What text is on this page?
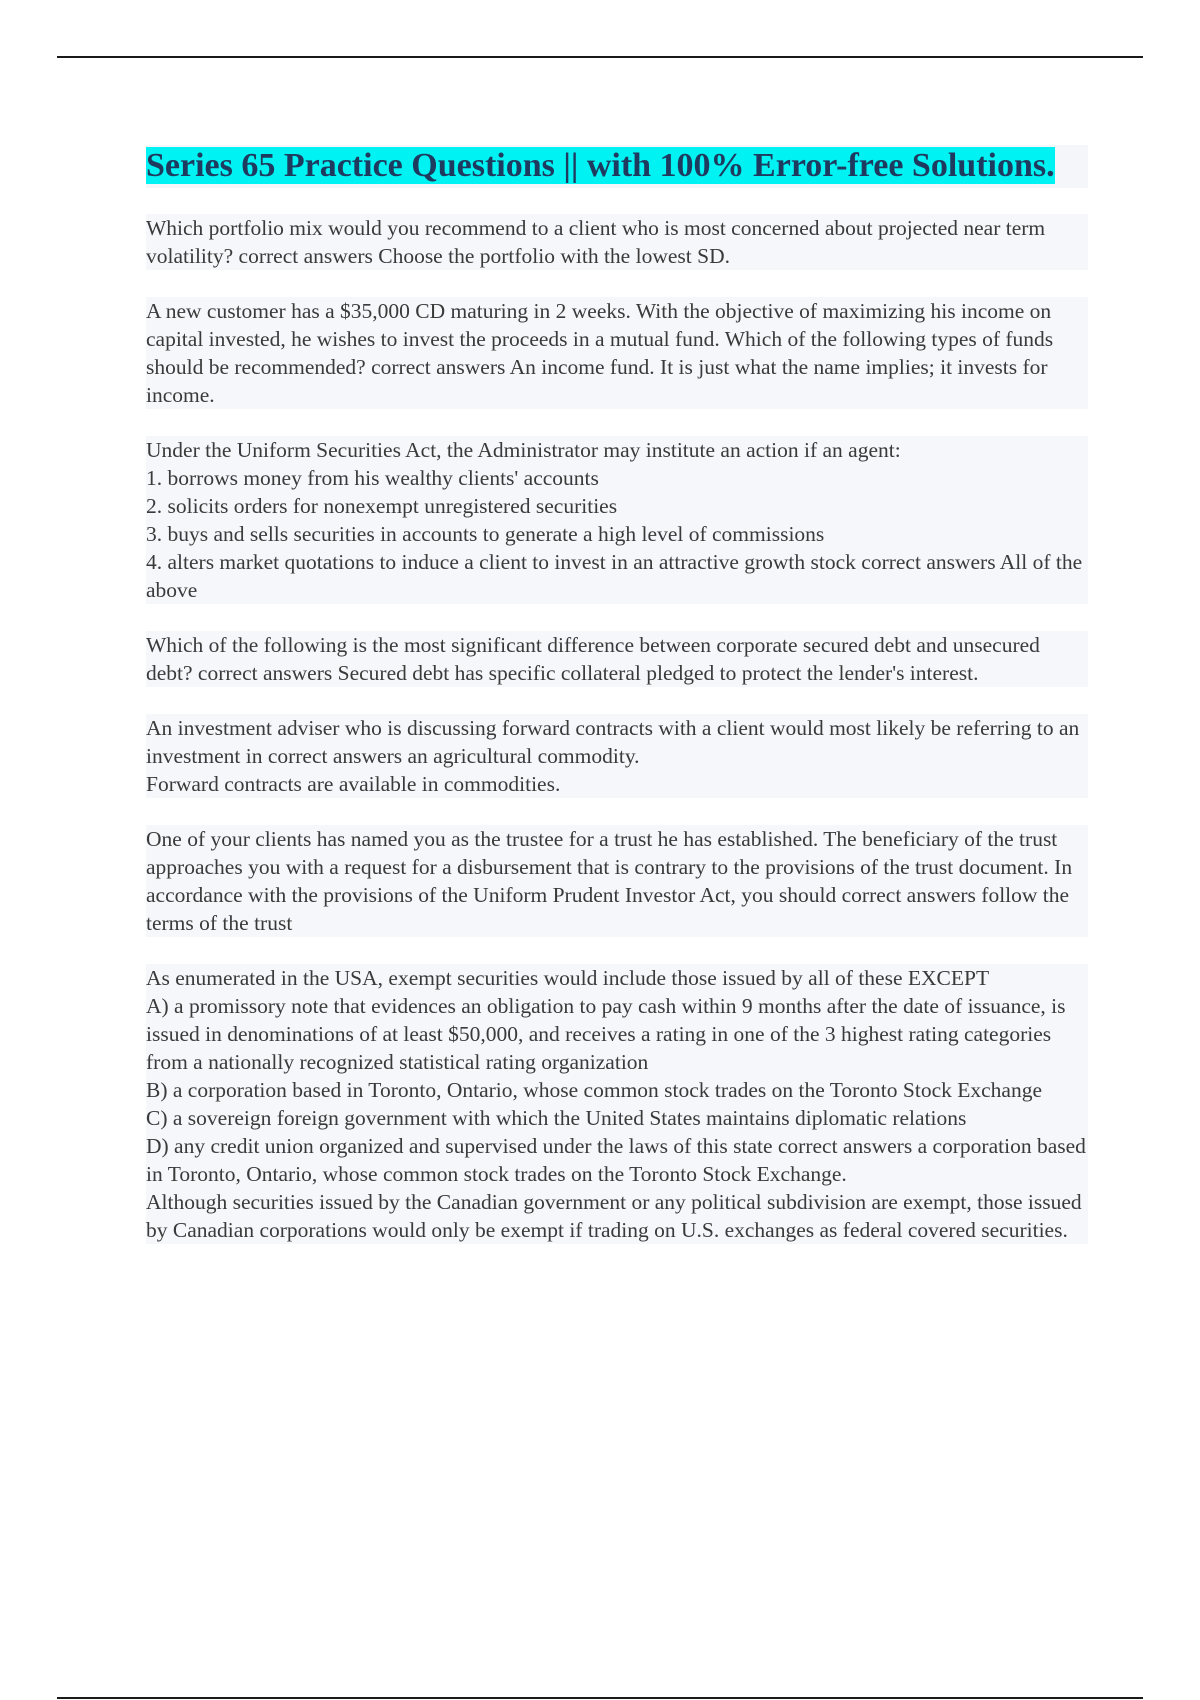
Series 65 Practice Questions || with 100% Error-free Solutions.

Which portfolio mix would you recommend to a client who is most concerned about projected near term volatility? correct answers Choose the portfolio with the lowest SD.

A new customer has a $35,000 CD maturing in 2 weeks. With the objective of maximizing his income on capital invested, he wishes to invest the proceeds in a mutual fund. Which of the following types of funds should be recommended? correct answers An income fund. It is just what the name implies; it invests for income.

Under the Uniform Securities Act, the Administrator may institute an action if an agent:

1. borrows money from his wealthy clients' accounts

2. solicits orders for nonexempt unregistered securities

3. buys and sells securities in accounts to generate a high level of commissions

4. alters market quotations to induce a client to invest in an attractive growth stock correct answers All of the above

Which of the following is the most significant difference between corporate secured debt and unsecured debt? correct answers Secured debt has specific collateral pledged to protect the lender's interest.

An investment adviser who is discussing forward contracts with a client would most likely be referring to an investment in correct answers an agricultural commodity.

Forward contracts are available in commodities.

One of your clients has named you as the trustee for a trust he has established. The beneficiary of the trust approaches you with a request for a disbursement that is contrary to the provisions of the trust document. In accordance with the provisions of the Uniform Prudent Investor Act, you should correct answers follow the terms of the trust

As enumerated in the USA, exempt securities would include those issued by all of these EXCEPT

A) a promissory note that evidences an obligation to pay cash within 9 months after the date of issuance, is issued in denominations of at least $50,000, and receives a rating in one of the 3 highest rating categories from a nationally recognized statistical rating organization

B) a corporation based in Toronto, Ontario, whose common stock trades on the Toronto Stock Exchange

C) a sovereign foreign government with which the United States maintains diplomatic relations

D) any credit union organized and supervised under the laws of this state correct answers a corporation based in Toronto, Ontario, whose common stock trades on the Toronto Stock Exchange.

Although securities issued by the Canadian government or any political subdivision are exempt, those issued by Canadian corporations would only be exempt if trading on U.S. exchanges as federal covered securities.
